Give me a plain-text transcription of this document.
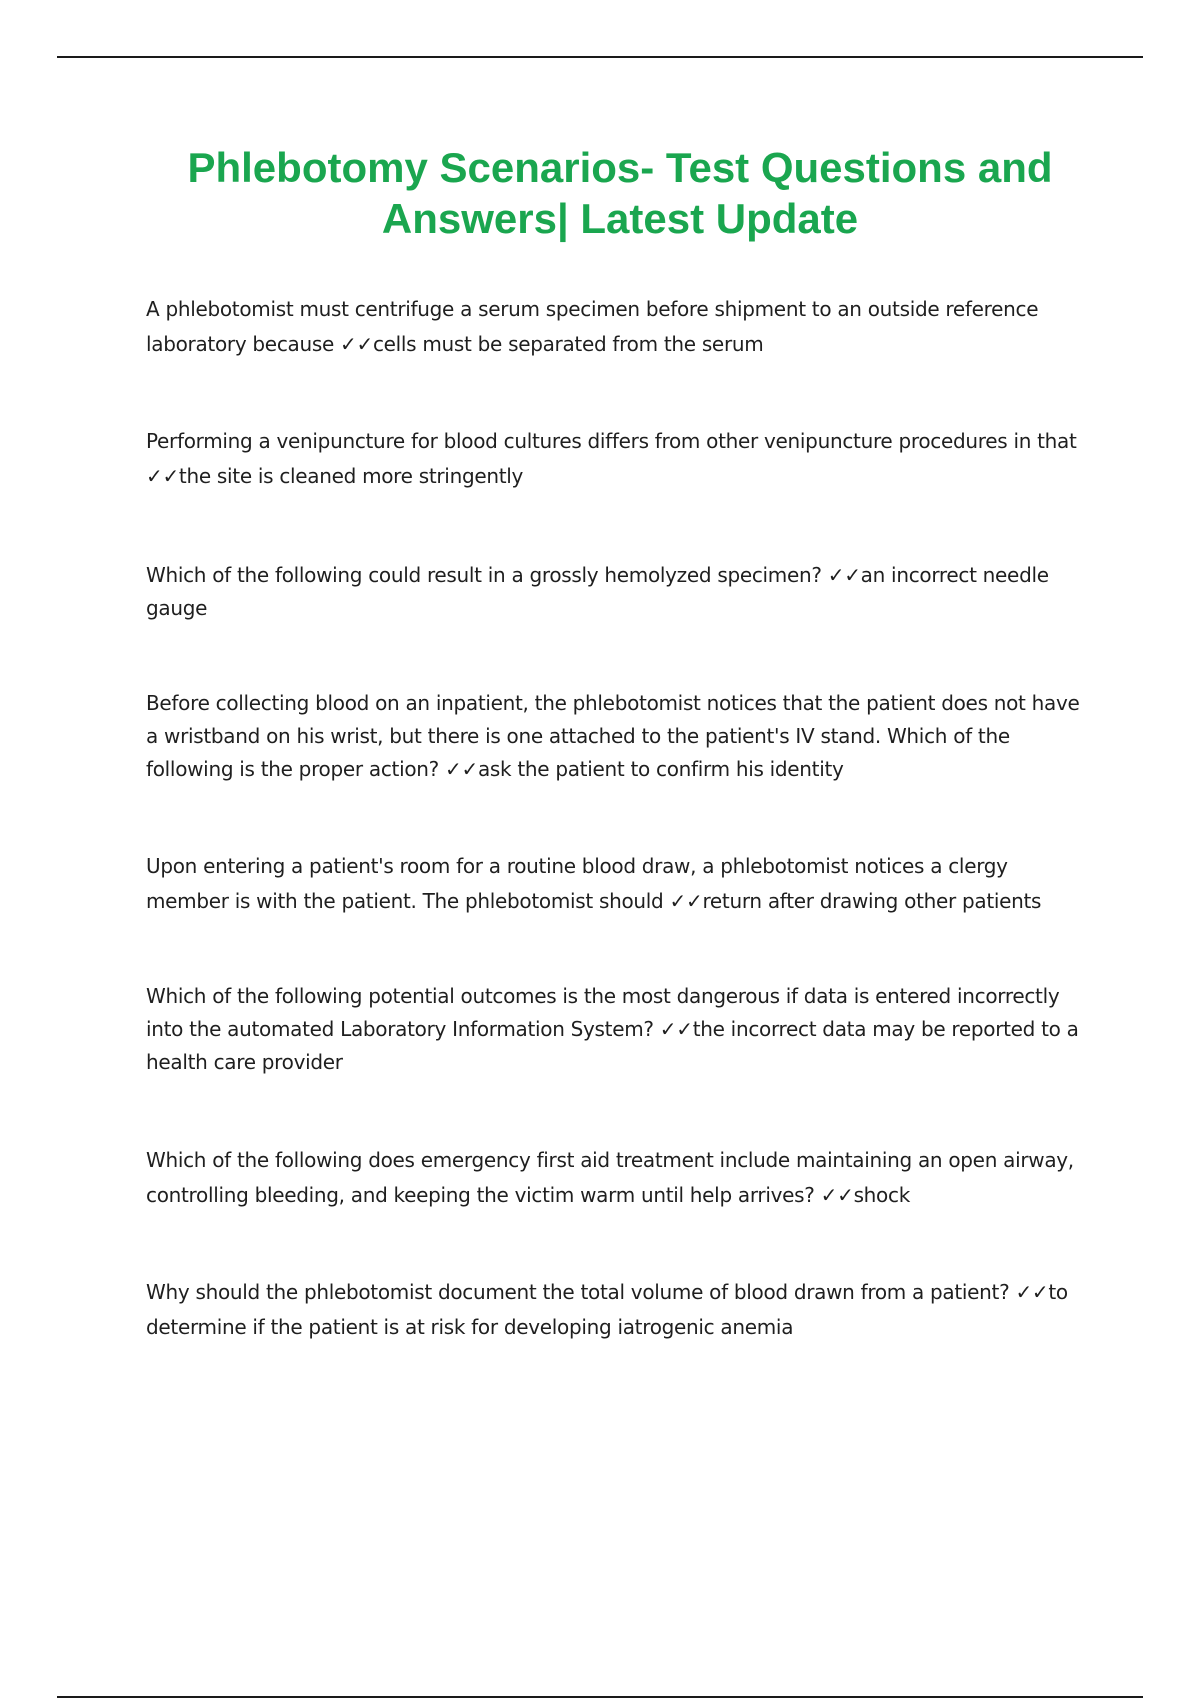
Phlebotomy Scenarios- Test Questions and
Answers| Latest Update

A phlebotomist must centrifuge a serum specimen before shipment to an outside reference laboratory because ✓✓cells must be separated from the serum

Performing a venipuncture for blood cultures differs from other venipuncture procedures in that ✓✓the site is cleaned more stringently

Which of the following could result in a grossly hemolyzed specimen? ✓✓an incorrect needle gauge

Before collecting blood on an inpatient, the phlebotomist notices that the patient does not have a wristband on his wrist, but there is one attached to the patient's IV stand. Which of the following is the proper action? ✓✓ask the patient to confirm his identity

Upon entering a patient's room for a routine blood draw, a phlebotomist notices a clergy member is with the patient. The phlebotomist should ✓✓return after drawing other patients

Which of the following potential outcomes is the most dangerous if data is entered incorrectly into the automated Laboratory Information System? ✓✓the incorrect data may be reported to a health care provider

Which of the following does emergency first aid treatment include maintaining an open airway, controlling bleeding, and keeping the victim warm until help arrives? ✓✓shock

Why should the phlebotomist document the total volume of blood drawn from a patient? ✓✓to determine if the patient is at risk for developing iatrogenic anemia
